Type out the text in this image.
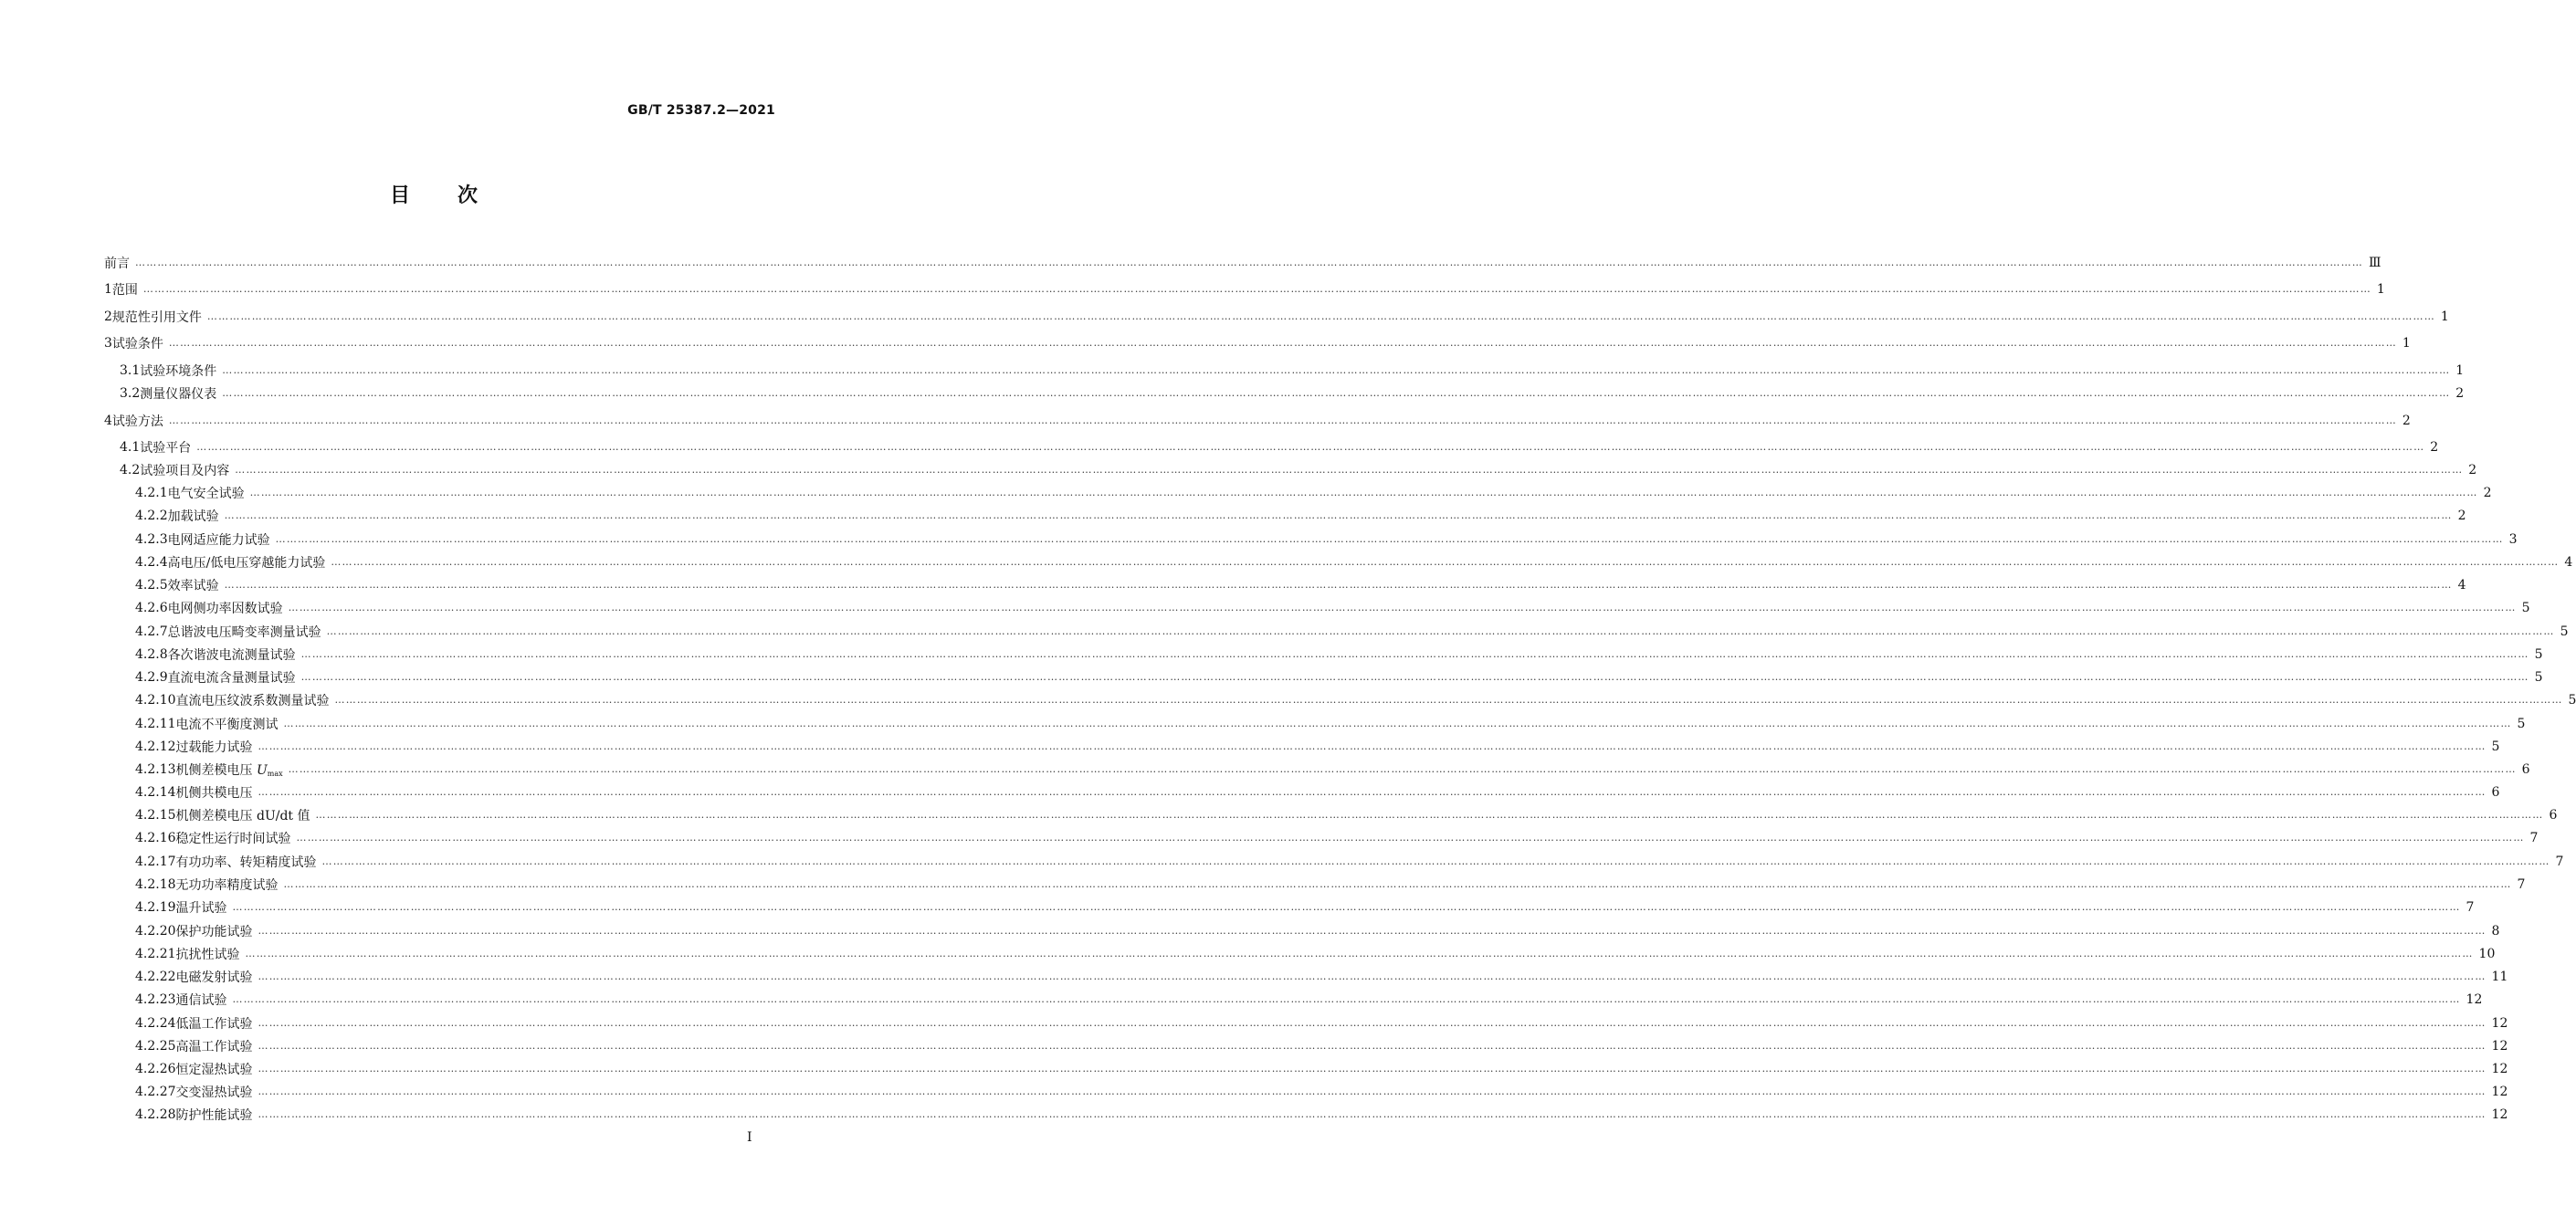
GB/T 25387.2—2021
目 次
前言 …………………………………………………………………………………………………………………………………………………………………………………………………………………………………………………………………………………………………………………………………………………………………………………………………………………………………………………………………………………………………………………………………………………… Ⅲ
1 范围 …………………………………………………………………………………………………………………………………………………………………………………………………………………………………………………………………………………………………………………………………………………………………………………………………………………………………………………………………………………………………………………………………………………… 1
2 规范性引用文件 …………………………………………………………………………………………………………………………………………………………………………………………………………………………………………………………………………………………………………………………………………………………………………………………………………………………………………………………………………………………………………………………………………………… 1
3 试验条件 …………………………………………………………………………………………………………………………………………………………………………………………………………………………………………………………………………………………………………………………………………………………………………………………………………………………………………………………………………………………………………………………………………………… 1
3.1 试验环境条件 …………………………………………………………………………………………………………………………………………………………………………………………………………………………………………………………………………………………………………………………………………………………………………………………………………………………………………………………………………………………………………………………………………………… 1
3.2 测量仪器仪表 …………………………………………………………………………………………………………………………………………………………………………………………………………………………………………………………………………………………………………………………………………………………………………………………………………………………………………………………………………………………………………………………………………………… 2
4 试验方法 …………………………………………………………………………………………………………………………………………………………………………………………………………………………………………………………………………………………………………………………………………………………………………………………………………………………………………………………………………………………………………………………………………………… 2
4.1 试验平台 …………………………………………………………………………………………………………………………………………………………………………………………………………………………………………………………………………………………………………………………………………………………………………………………………………………………………………………………………………………………………………………………………………………… 2
4.2 试验项目及内容 …………………………………………………………………………………………………………………………………………………………………………………………………………………………………………………………………………………………………………………………………………………………………………………………………………………………………………………………………………………………………………………………………………………… 2
4.2.1 电气安全试验 …………………………………………………………………………………………………………………………………………………………………………………………………………………………………………………………………………………………………………………………………………………………………………………………………………………………………………………………………………………………………………………………………………………… 2
4.2.2 加载试验 …………………………………………………………………………………………………………………………………………………………………………………………………………………………………………………………………………………………………………………………………………………………………………………………………………………………………………………………………………………………………………………………………………………… 2
4.2.3 电网适应能力试验 …………………………………………………………………………………………………………………………………………………………………………………………………………………………………………………………………………………………………………………………………………………………………………………………………………………………………………………………………………………………………………………………………………………… 3
4.2.4 高电压/低电压穿越能力试验 …………………………………………………………………………………………………………………………………………………………………………………………………………………………………………………………………………………………………………………………………………………………………………………………………………………………………………………………………………………………………………………………………………………… 4
4.2.5 效率试验 …………………………………………………………………………………………………………………………………………………………………………………………………………………………………………………………………………………………………………………………………………………………………………………………………………………………………………………………………………………………………………………………………………………… 4
4.2.6 电网侧功率因数试验 …………………………………………………………………………………………………………………………………………………………………………………………………………………………………………………………………………………………………………………………………………………………………………………………………………………………………………………………………………………………………………………………………………………… 5
4.2.7 总谐波电压畸变率测量试验 …………………………………………………………………………………………………………………………………………………………………………………………………………………………………………………………………………………………………………………………………………………………………………………………………………………………………………………………………………………………………………………………………………………… 5
4.2.8 各次谐波电流测量试验 …………………………………………………………………………………………………………………………………………………………………………………………………………………………………………………………………………………………………………………………………………………………………………………………………………………………………………………………………………………………………………………………………………………… 5
4.2.9 直流电流含量测量试验 …………………………………………………………………………………………………………………………………………………………………………………………………………………………………………………………………………………………………………………………………………………………………………………………………………………………………………………………………………………………………………………………………………………… 5
4.2.10 直流电压纹波系数测量试验 …………………………………………………………………………………………………………………………………………………………………………………………………………………………………………………………………………………………………………………………………………………………………………………………………………………………………………………………………………………………………………………………………………………… 5
4.2.11 电流不平衡度测试 …………………………………………………………………………………………………………………………………………………………………………………………………………………………………………………………………………………………………………………………………………………………………………………………………………………………………………………………………………………………………………………………………………………… 5
4.2.12 过载能力试验 …………………………………………………………………………………………………………………………………………………………………………………………………………………………………………………………………………………………………………………………………………………………………………………………………………………………………………………………………………………………………………………………………………………… 5
4.2.13 机侧差模电压 $U_{max}$ …………………………………………………………………………………………………………………………………………………………………………………………………………………………………………………………………………………………………………………………………………………………………………………………………………………………………………………………………………………………………………………………………………………… 6
4.2.14 机侧共模电压 …………………………………………………………………………………………………………………………………………………………………………………………………………………………………………………………………………………………………………………………………………………………………………………………………………………………………………………………………………………………………………………………………………………… 6
4.2.15 机侧差模电压 dU/dt 值 …………………………………………………………………………………………………………………………………………………………………………………………………………………………………………………………………………………………………………………………………………………………………………………………………………………………………………………………………………………………………………………………………………………… 6
4.2.16 稳定性运行时间试验 …………………………………………………………………………………………………………………………………………………………………………………………………………………………………………………………………………………………………………………………………………………………………………………………………………………………………………………………………………………………………………………………………………………… 7
4.2.17 有功功率、转矩精度试验 …………………………………………………………………………………………………………………………………………………………………………………………………………………………………………………………………………………………………………………………………………………………………………………………………………………………………………………………………………………………………………………………………………………… 7
4.2.18 无功功率精度试验 …………………………………………………………………………………………………………………………………………………………………………………………………………………………………………………………………………………………………………………………………………………………………………………………………………………………………………………………………………………………………………………………………………………… 7
4.2.19 温升试验 …………………………………………………………………………………………………………………………………………………………………………………………………………………………………………………………………………………………………………………………………………………………………………………………………………………………………………………………………………………………………………………………………………………… 7
4.2.20 保护功能试验 …………………………………………………………………………………………………………………………………………………………………………………………………………………………………………………………………………………………………………………………………………………………………………………………………………………………………………………………………………………………………………………………………………………… 8
4.2.21 抗扰性试验 …………………………………………………………………………………………………………………………………………………………………………………………………………………………………………………………………………………………………………………………………………………………………………………………………………………………………………………………………………………………………………………………………………………… 10
4.2.22 电磁发射试验 …………………………………………………………………………………………………………………………………………………………………………………………………………………………………………………………………………………………………………………………………………………………………………………………………………………………………………………………………………………………………………………………………………………… 11
4.2.23 通信试验 …………………………………………………………………………………………………………………………………………………………………………………………………………………………………………………………………………………………………………………………………………………………………………………………………………………………………………………………………………………………………………………………………………………… 12
4.2.24 低温工作试验 …………………………………………………………………………………………………………………………………………………………………………………………………………………………………………………………………………………………………………………………………………………………………………………………………………………………………………………………………………………………………………………………………………………… 12
4.2.25 高温工作试验 …………………………………………………………………………………………………………………………………………………………………………………………………………………………………………………………………………………………………………………………………………………………………………………………………………………………………………………………………………………………………………………………………………………… 12
4.2.26 恒定湿热试验 …………………………………………………………………………………………………………………………………………………………………………………………………………………………………………………………………………………………………………………………………………………………………………………………………………………………………………………………………………………………………………………………………………………… 12
4.2.27 交变湿热试验 …………………………………………………………………………………………………………………………………………………………………………………………………………………………………………………………………………………………………………………………………………………………………………………………………………………………………………………………………………………………………………………………………………………… 12
4.2.28 防护性能试验 …………………………………………………………………………………………………………………………………………………………………………………………………………………………………………………………………………………………………………………………………………………………………………………………………………………………………………………………………………………………………………………………………………………… 12
I
